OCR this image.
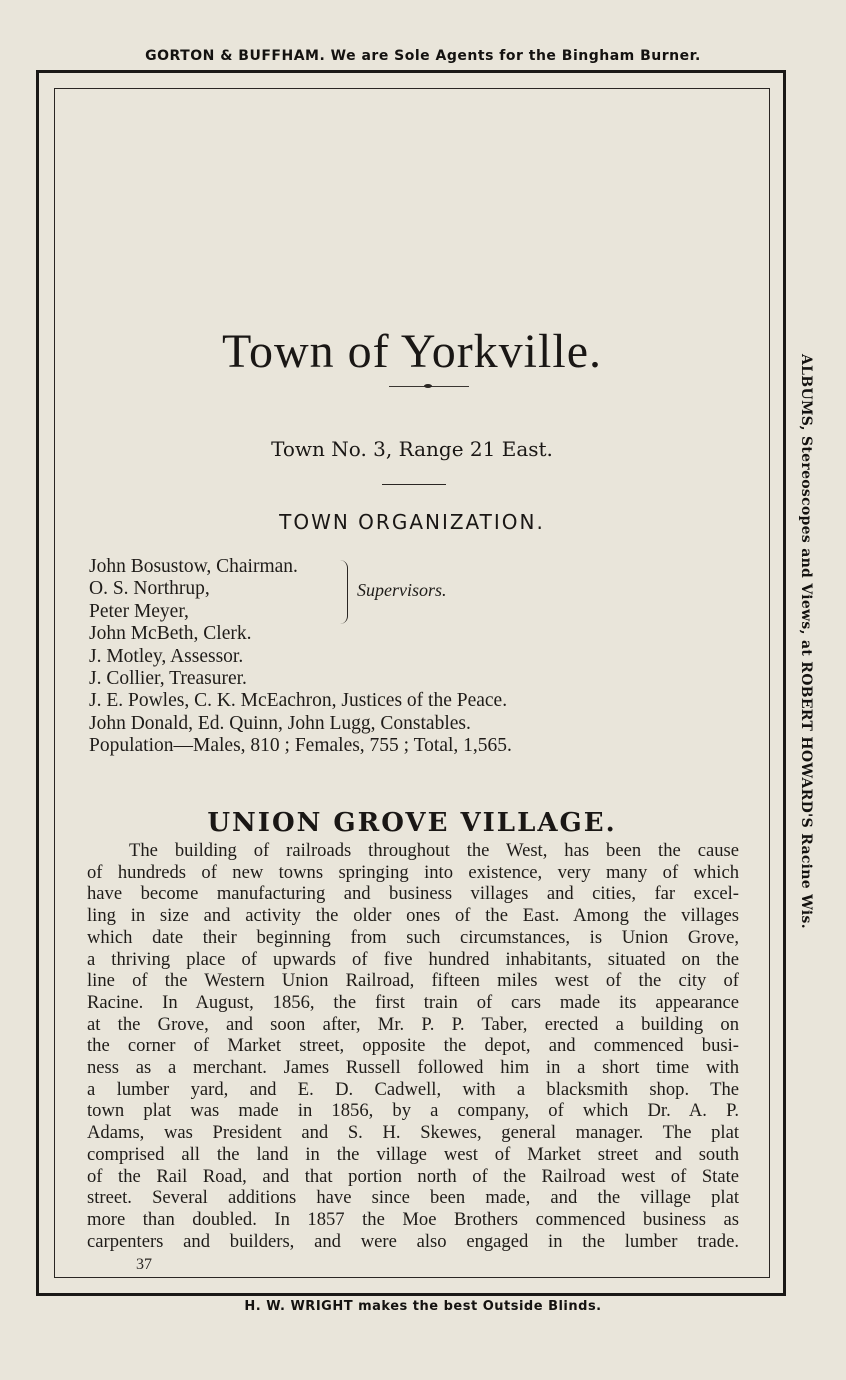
GORTON & BUFFHAM. We are Sole Agents for the Bingham Burner.
ALBUMS, Stereoscopes and Views, at ROBERT HOWARD'S Racine Wis.
Town of Yorkville.
Town No. 3, Range 21 East.
TOWN ORGANIZATION.
John Bosustow, Chairman.
O. S. Northrup,
Peter Meyer,
John McBeth, Clerk.
J. Motley, Assessor.
J. Collier, Treasurer.
J. E. Powles, C. K. McEachron, Justices of the Peace.
John Donald, Ed. Quinn, John Lugg, Constables.
Population—Males, 810 ; Females, 755 ; Total, 1,565.
Supervisors.
UNION GROVE VILLAGE.
The building of railroads throughout the West, has been the cause
of hundreds of new towns springing into existence, very many of which
have become manufacturing and business villages and cities, far excel-
ling in size and activity the older ones of the East. Among the villages
which date their beginning from such circumstances, is Union Grove,
a thriving place of upwards of five hundred inhabitants, situated on the
line of the Western Union Railroad, fifteen miles west of the city of
Racine. In August, 1856, the first train of cars made its appearance
at the Grove, and soon after, Mr. P. P. Taber, erected a building on
the corner of Market street, opposite the depot, and commenced busi-
ness as a merchant. James Russell followed him in a short time with
a lumber yard, and E. D. Cadwell, with a blacksmith shop. The
town plat was made in 1856, by a company, of which Dr. A. P.
Adams, was President and S. H. Skewes, general manager. The plat
comprised all the land in the village west of Market street and south
of the Rail Road, and that portion north of the Railroad west of State
street. Several additions have since been made, and the village plat
more than doubled. In 1857 the Moe Brothers commenced business as
carpenters and builders, and were also engaged in the lumber trade.
37
H. W. WRIGHT makes the best Outside Blinds.
